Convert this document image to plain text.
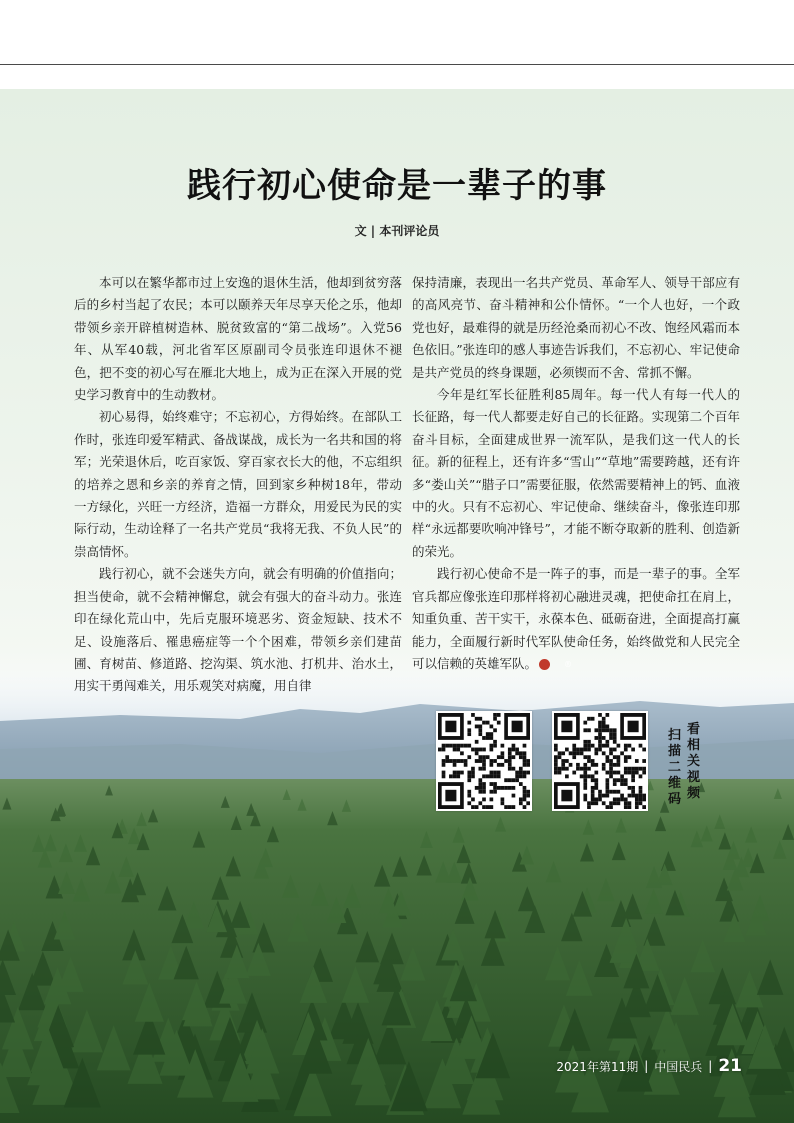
践行初心使命是一辈子的事
文 | 本刊评论员

本可以在繁华都市过上安逸的退休生活，他却到贫穷落后的乡村当起了农民；本可以颐养天年尽享天伦之乐，他却带领乡亲开辟植树造林、脱贫致富的“第二战场”。入党56年、从军40载，河北省军区原副司令员张连印退休不褪色，把不变的初心写在雁北大地上，成为正在深入开展的党史学习教育中的生动教材。

初心易得，始终难守；不忘初心，方得始终。在部队工作时，张连印爱军精武、备战谋战，成长为一名共和国的将军；光荣退休后，吃百家饭、穿百家衣长大的他，不忘组织的培养之恩和乡亲的养育之情，回到家乡种树18年，带动一方绿化，兴旺一方经济，造福一方群众，用爱民为民的实际行动，生动诠释了一名共产党员“我将无我、不负人民”的崇高情怀。

践行初心，就不会迷失方向，就会有明确的价值指向；担当使命，就不会精神懈怠，就会有强大的奋斗动力。张连印在绿化荒山中，先后克服环境恶劣、资金短缺、技术不足、设施落后、罹患癌症等一个个困难，带领乡亲们建苗圃、育树苗、修道路、挖沟渠、筑水池、打机井、治水土，用实干勇闯难关，用乐观笑对病魔，用自律

保持清廉，表现出一名共产党员、革命军人、领导干部应有的高风亮节、奋斗精神和公仆情怀。“一个人也好，一个政党也好，最难得的就是历经沧桑而初心不改、饱经风霜而本色依旧。”张连印的感人事迹告诉我们，不忘初心、牢记使命是共产党员的终身课题，必须锲而不舍、常抓不懈。

今年是红军长征胜利85周年。每一代人有每一代人的长征路，每一代人都要走好自己的长征路。实现第二个百年奋斗目标，全面建成世界一流军队，是我们这一代人的长征。新的征程上，还有许多“雪山”“草地”需要跨越，还有许多“娄山关”“腊子口”需要征服，依然需要精神上的钙、血液中的火。只有不忘初心、牢记使命、继续奋斗，像张连印那样“永远都要吹响冲锋号”，才能不断夺取新的胜利、创造新的荣光。

践行初心使命不是一阵子的事，而是一辈子的事。全军官兵都应像张连印那样将初心融进灵魂，把使命扛在肩上，知重负重、苦干实干，永葆本色、砥砺奋进，全面提高打赢能力，全面履行新时代军队使命任务，始终做党和人民完全可以信赖的英雄军队。	®

看相关视频
扫描二维码
2021年第11期 | 中国民兵 | 21
